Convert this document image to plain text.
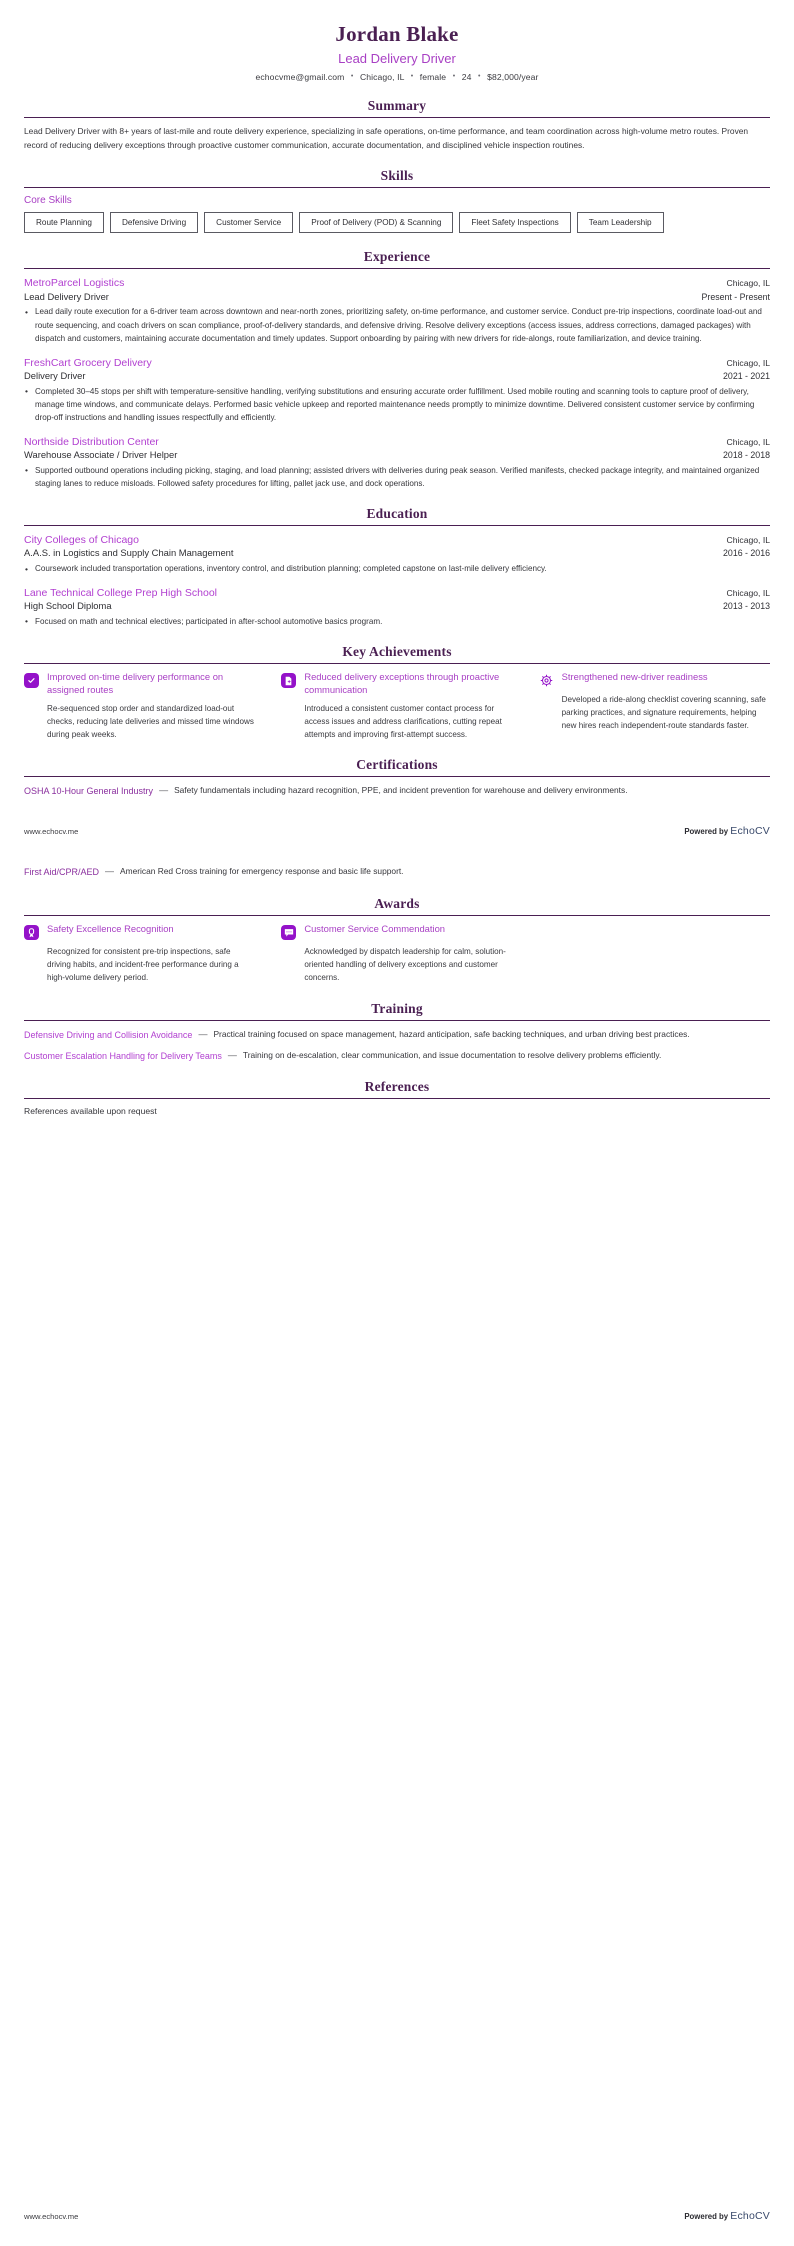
Jordan Blake
Lead Delivery Driver
echocvme@gmail.com • Chicago, IL • female • 24 • $82,000/year
Summary
Lead Delivery Driver with 8+ years of last-mile and route delivery experience, specializing in safe operations, on-time performance, and team coordination across high-volume metro routes. Proven record of reducing delivery exceptions through proactive customer communication, accurate documentation, and disciplined vehicle inspection routines.
Skills
Core Skills
Route Planning	Defensive Driving	Customer Service	Proof of Delivery (POD) & Scanning	Fleet Safety Inspections	Team Leadership
Experience
MetroParcel Logistics	Chicago, IL
Lead Delivery Driver	Present - Present
• Lead daily route execution for a 6-driver team across downtown and near-north zones, prioritizing safety, on-time performance, and customer service. Conduct pre-trip inspections, coordinate load-out and route sequencing, and coach drivers on scan compliance, proof-of-delivery standards, and defensive driving. Resolve delivery exceptions (access issues, address corrections, damaged packages) with dispatch and customers, maintaining accurate documentation and timely updates. Support onboarding by pairing with new drivers for ride-alongs, route familiarization, and device training.
FreshCart Grocery Delivery	Chicago, IL
Delivery Driver	2021 - 2021
• Completed 30–45 stops per shift with temperature-sensitive handling, verifying substitutions and ensuring accurate order fulfillment. Used mobile routing and scanning tools to capture proof of delivery, manage time windows, and communicate delays. Performed basic vehicle upkeep and reported maintenance needs promptly to minimize downtime. Delivered consistent customer service by confirming drop-off instructions and handling issues respectfully and efficiently.
Northside Distribution Center	Chicago, IL
Warehouse Associate / Driver Helper	2018 - 2018
• Supported outbound operations including picking, staging, and load planning; assisted drivers with deliveries during peak season. Verified manifests, checked package integrity, and maintained organized staging lanes to reduce misloads. Followed safety procedures for lifting, pallet jack use, and dock operations.
Education
City Colleges of Chicago	Chicago, IL
A.A.S. in Logistics and Supply Chain Management	2016 - 2016
• Coursework included transportation operations, inventory control, and distribution planning; completed capstone on last-mile delivery efficiency.
Lane Technical College Prep High School	Chicago, IL
High School Diploma	2013 - 2013
• Focused on math and technical electives; participated in after-school automotive basics program.
Key Achievements
Improved on-time delivery performance on assigned routes
Re-sequenced stop order and standardized load-out checks, reducing late deliveries and missed time windows during peak weeks.
Reduced delivery exceptions through proactive communication
Introduced a consistent customer contact process for access issues and address clarifications, cutting repeat attempts and improving first-attempt success.
Strengthened new-driver readiness
Developed a ride-along checklist covering scanning, safe parking practices, and signature requirements, helping new hires reach independent-route standards faster.
Certifications
OSHA 10-Hour General Industry — Safety fundamentals including hazard recognition, PPE, and incident prevention for warehouse and delivery environments.
www.echocv.me	Powered by EchoCV
First Aid/CPR/AED — American Red Cross training for emergency response and basic life support.
Awards
Safety Excellence Recognition
Recognized for consistent pre-trip inspections, safe driving habits, and incident-free performance during a high-volume delivery period.
Customer Service Commendation
Acknowledged by dispatch leadership for calm, solution-oriented handling of delivery exceptions and customer concerns.
Training
Defensive Driving and Collision Avoidance — Practical training focused on space management, hazard anticipation, safe backing techniques, and urban driving best practices.
Customer Escalation Handling for Delivery Teams — Training on de-escalation, clear communication, and issue documentation to resolve delivery problems efficiently.
References
References available upon request
www.echocv.me	Powered by EchoCV
